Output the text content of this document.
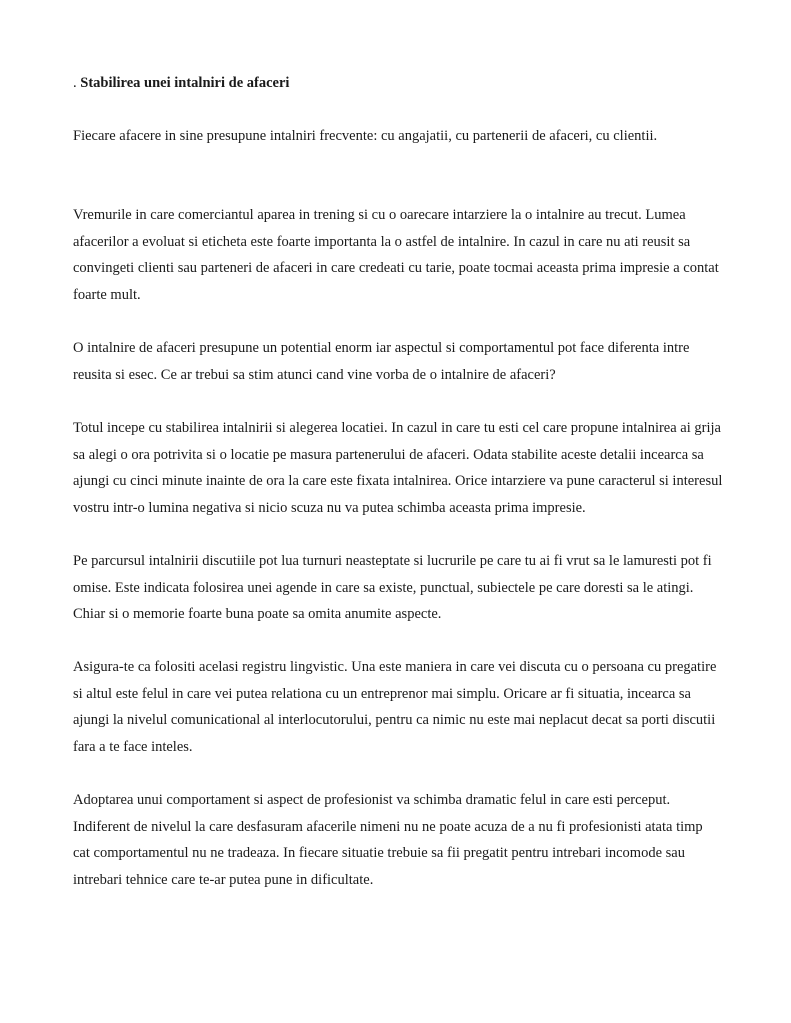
. Stabilirea unei intalniri de afaceri

Fiecare afacere in sine presupune intalniri frecvente: cu angajatii, cu partenerii de afaceri, cu clientii.

Vremurile in care comerciantul aparea in trening si cu o oarecare intarziere la o intalnire au trecut. Lumea afacerilor a evoluat si eticheta este foarte importanta la o astfel de intalnire. In cazul in care nu ati reusit sa convingeti clienti sau parteneri de afaceri in care credeati cu tarie, poate tocmai aceasta prima impresie a contat foarte mult.

O intalnire de afaceri presupune un potential enorm iar aspectul si comportamentul pot face diferenta intre reusita si esec. Ce ar trebui sa stim atunci cand vine vorba de o intalnire de afaceri?

Totul incepe cu stabilirea intalnirii si alegerea locatiei. In cazul in care tu esti cel care propune intalnirea ai grija sa alegi o ora potrivita si o locatie pe masura partenerului de afaceri. Odata stabilite aceste detalii incearca sa ajungi cu cinci minute inainte de ora la care este fixata intalnirea. Orice intarziere va pune caracterul si interesul vostru intr-o lumina negativa si nicio scuza nu va putea schimba aceasta prima impresie.

Pe parcursul intalnirii discutiile pot lua turnuri neasteptate si lucrurile pe care tu ai fi vrut sa le lamuresti pot fi omise. Este indicata folosirea unei agende in care sa existe, punctual, subiectele pe care doresti sa le atingi. Chiar si o memorie foarte buna poate sa omita anumite aspecte.

Asigura-te ca folositi acelasi registru lingvistic. Una este maniera in care vei discuta cu o persoana cu pregatire si altul este felul in care vei putea relationa cu un entreprenor mai simplu. Oricare ar fi situatia, incearca sa ajungi la nivelul comunicational al interlocutorului, pentru ca nimic nu este mai neplacut decat sa porti discutii fara a te face inteles.

Adoptarea unui comportament si aspect de profesionist va schimba dramatic felul in care esti perceput. Indiferent de nivelul la care desfasuram afacerile nimeni nu ne poate acuza de a nu fi profesionisti atata timp cat comportamentul nu ne tradeaza. In fiecare situatie trebuie sa fii pregatit pentru intrebari incomode sau intrebari tehnice care te-ar putea pune in dificultate.
